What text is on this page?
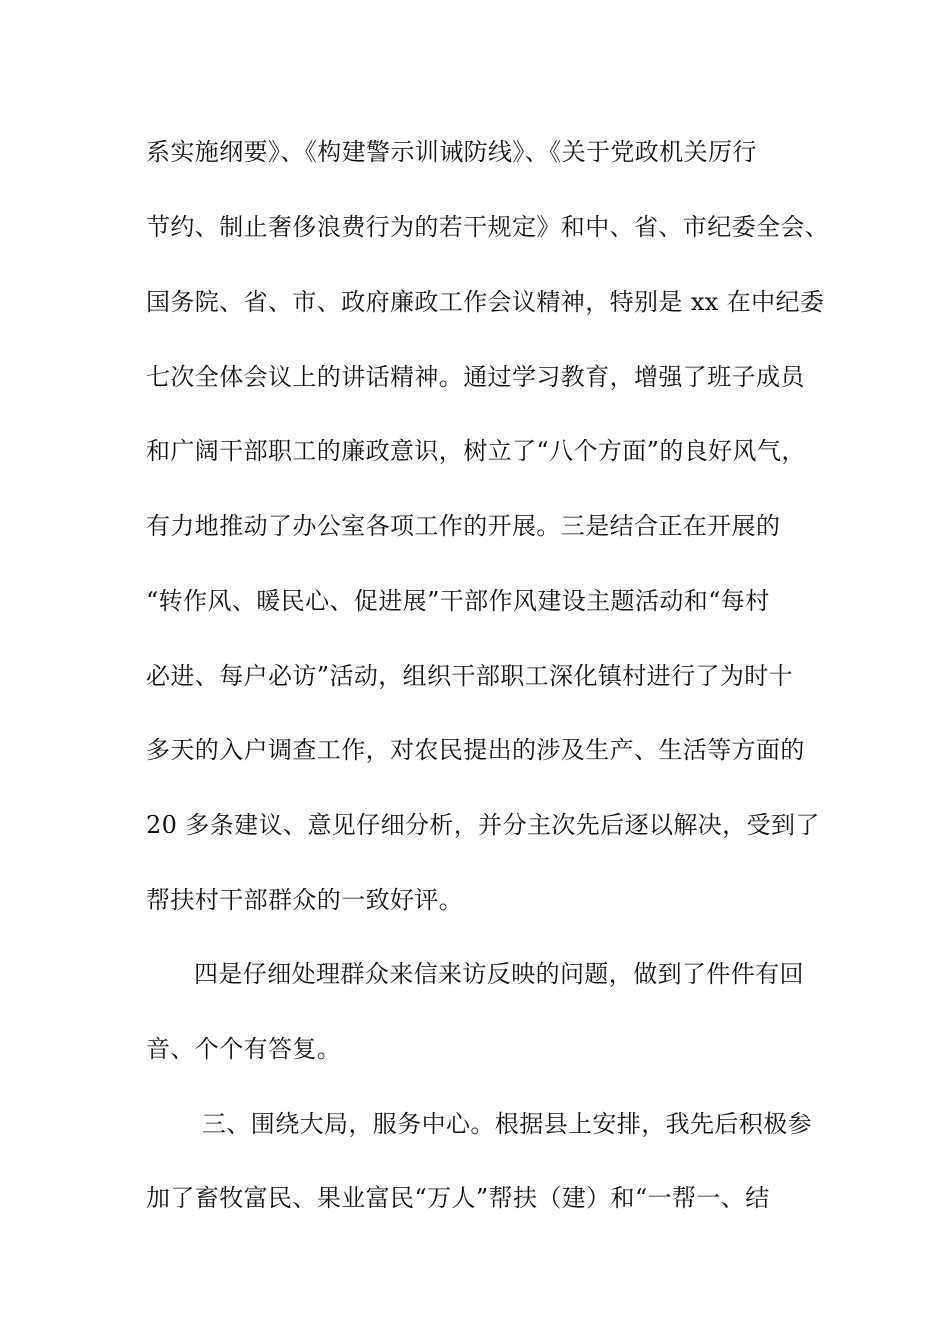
系实施纲要》、《构建警示训诫防线》、《关于党政机关厉行
节约、制止奢侈浪费行为的若干规定》和中、省、市纪委全会、
国务院、省、市、政府廉政工作会议精神，特别是 xx 在中纪委
七次全体会议上的讲话精神。通过学习教育，增强了班子成员
和广阔干部职工的廉政意识，树立了“八个方面”的良好风气，
有力地推动了办公室各项工作的开展。三是结合正在开展的
“转作风、暖民心、促进展”干部作风建设主题活动和“每村
必进、每户必访”活动，组织干部职工深化镇村进行了为时十
多天的入户调查工作，对农民提出的涉及生产、生活等方面的
20 多条建议、意见仔细分析，并分主次先后逐以解决，受到了
帮扶村干部群众的一致好评。
四是仔细处理群众来信来访反映的问题，做到了件件有回
音、个个有答复。
三、围绕大局，服务中心。根据县上安排，我先后积极参
加了畜牧富民、果业富民“万人”帮扶（建）和“一帮一、结
